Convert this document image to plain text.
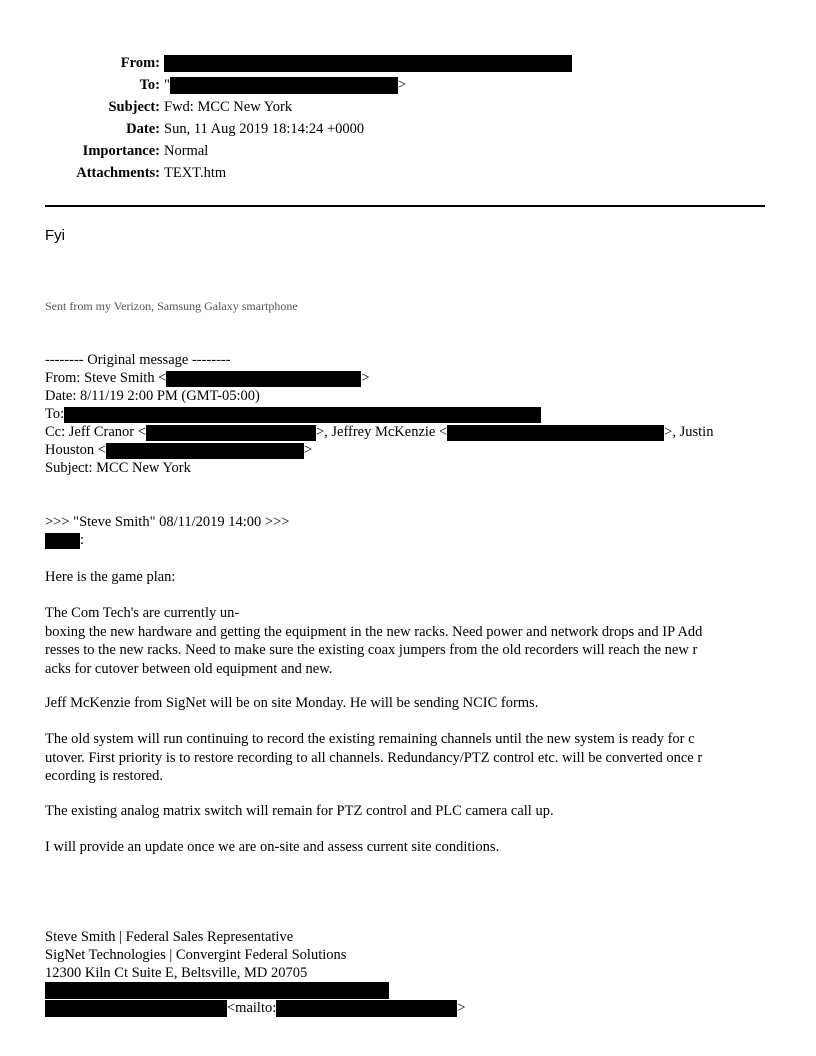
From:
To: "	>
Subject: Fwd: MCC New York
Date: Sun, 11 Aug 2019 18:14:24 +0000
Importance: Normal
Attachments: TEXT.htm
Fyi
Sent from my Verizon, Samsung Galaxy smartphone
-------- Original message --------
From: Steve Smith <	>
Date: 8/11/19 2:00 PM (GMT-05:00)
To:
Cc: Jeff Cranor <	>, Jeffrey McKenzie <	>, Justin
Houston <	>
Subject: MCC New York
>>> "Steve Smith" 08/11/2019 14:00 >>>
:
Here is the game plan:
The Com Tech's are currently un-
boxing the new hardware and getting the equipment in the new racks. Need power and network drops and IP Add
resses to the new racks. Need to make sure the existing coax jumpers from the old recorders will reach the new r
acks for cutover between old equipment and new.
Jeff McKenzie from SigNet will be on site Monday. He will be sending NCIC forms.
The old system will run continuing to record the existing remaining channels until the new system is ready for c
utover. First priority is to restore recording to all channels. Redundancy/PTZ control etc. will be converted once r
ecording is restored.
The existing analog matrix switch will remain for PTZ control and PLC camera call up.
I will provide an update once we are on-site and assess current site conditions.
Steve Smith | Federal Sales Representative
SigNet Technologies | Convergint Federal Solutions
12300 Kiln Ct Suite E, Beltsville, MD 20705
<mailto:	>
